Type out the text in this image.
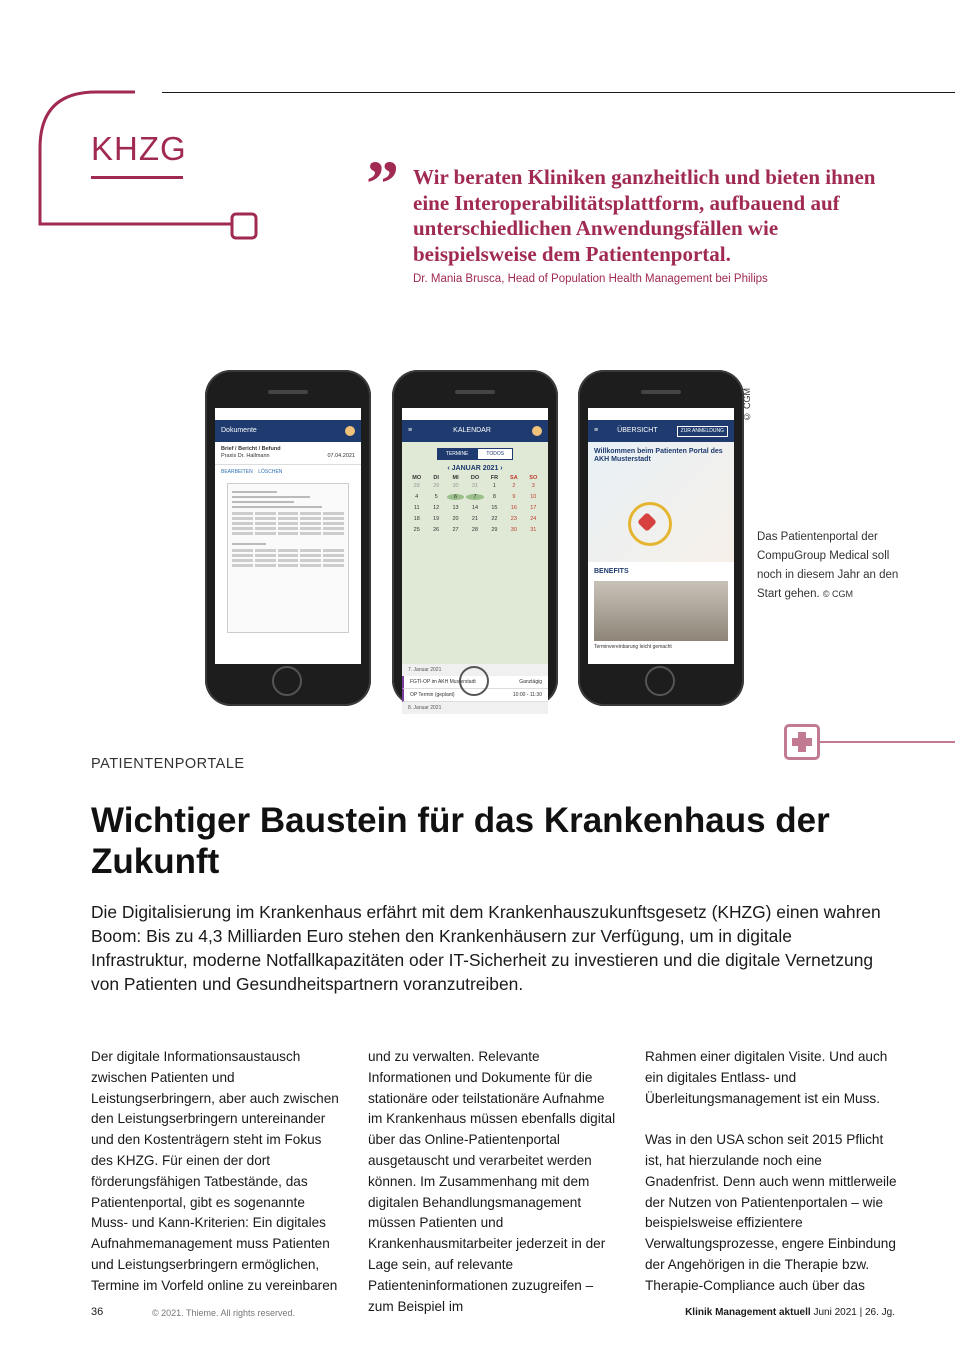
KHZG	” Wir beraten Kliniken ganzheitlich und bieten ihnen eine Interoperabilitätsplattform, aufbauend auf unterschiedlichen Anwendungsfällen wie beispielsweise dem Patientenportal.
Dr. Mania Brusca, Head of Population Health Management bei Philips
Dokumente
Brief / Bericht / Befund
Praxis Dr. Hallmann	07.04.2021
BEARBEITEN LÖSCHEN
≡	KALENDAR
TERMINE	TODOS
‹ JANUAR 2021 ›
MO	DI	MI	DO	FR	SA	SO
28	29	30	31	1	2	3
4	5	6	7	8	9	10
11	12	13	14	15	16	17
18	19	20	21	22	23	24
25	26	27	28	29	30	31
7. Januar 2021
FGTI-OP im AKH Musterstadt	Ganztägig
OP Termin (geplant)	10:00 - 11:30
8. Januar 2021
≡	ÜBERSICHT	ZUR ANMELDUNG
Willkommen beim Patienten Portal des AKH Musterstadt
BENEFITS
Terminvereinbarung leicht gemacht
© CGM
Das Patientenportal der CompuGroup Medical soll noch in diesem Jahr an den Start gehen. © CGM
PATIENTENPORTALE
Wichtiger Baustein für das Krankenhaus der Zukunft
Die Digitalisierung im Krankenhaus erfährt mit dem Krankenhauszukunftsgesetz (KHZG) einen wahren Boom: Bis zu 4,3 Milliarden Euro stehen den Krankenhäusern zur Verfügung, um in digitale Infrastruktur, moderne Notfallkapazitäten oder IT-Sicherheit zu investieren und die digitale Vernetzung von Patienten und Gesundheitspartnern voranzutreiben.

Der digitale Informationsaustausch zwischen Patienten und Leistungserbringern, aber auch zwischen den Leistungserbringern untereinander und den Kostenträgern steht im Fokus des KHZG. Für einen der dort förderungsfähigen Tatbestände, das Patientenportal, gibt es sogenannte Muss- und Kann-Kriterien: Ein digitales Aufnahmemanagement muss Patienten und Leistungserbringern ermöglichen, Termine im Vorfeld online zu vereinbaren

und zu verwalten. Relevante Informationen und Dokumente für die stationäre oder teilstationäre Aufnahme im Krankenhaus müssen ebenfalls digital über das Online-Patientenportal ausgetauscht und verarbeitet werden können. Im Zusammenhang mit dem digitalen Behandlungsmanagement müssen Patienten und Krankenhausmitarbeiter jederzeit in der Lage sein, auf relevante Patienteninformationen zuzugreifen – zum Beispiel im

Rahmen einer digitalen Visite. Und auch ein digitales Entlass- und Überleitungsmanagement ist ein Muss.

Was in den USA schon seit 2015 Pflicht ist, hat hierzulande noch eine Gnadenfrist. Denn auch wenn mittlerweile der Nutzen von Patientenportalen – wie beispielsweise effizientere Verwaltungsprozesse, engere Einbindung der Angehörigen in die Therapie bzw. Therapie-Compliance auch über das

36	© 2021. Thieme. All rights reserved.	Klinik Management aktuell Juni 2021 | 26. Jg.
